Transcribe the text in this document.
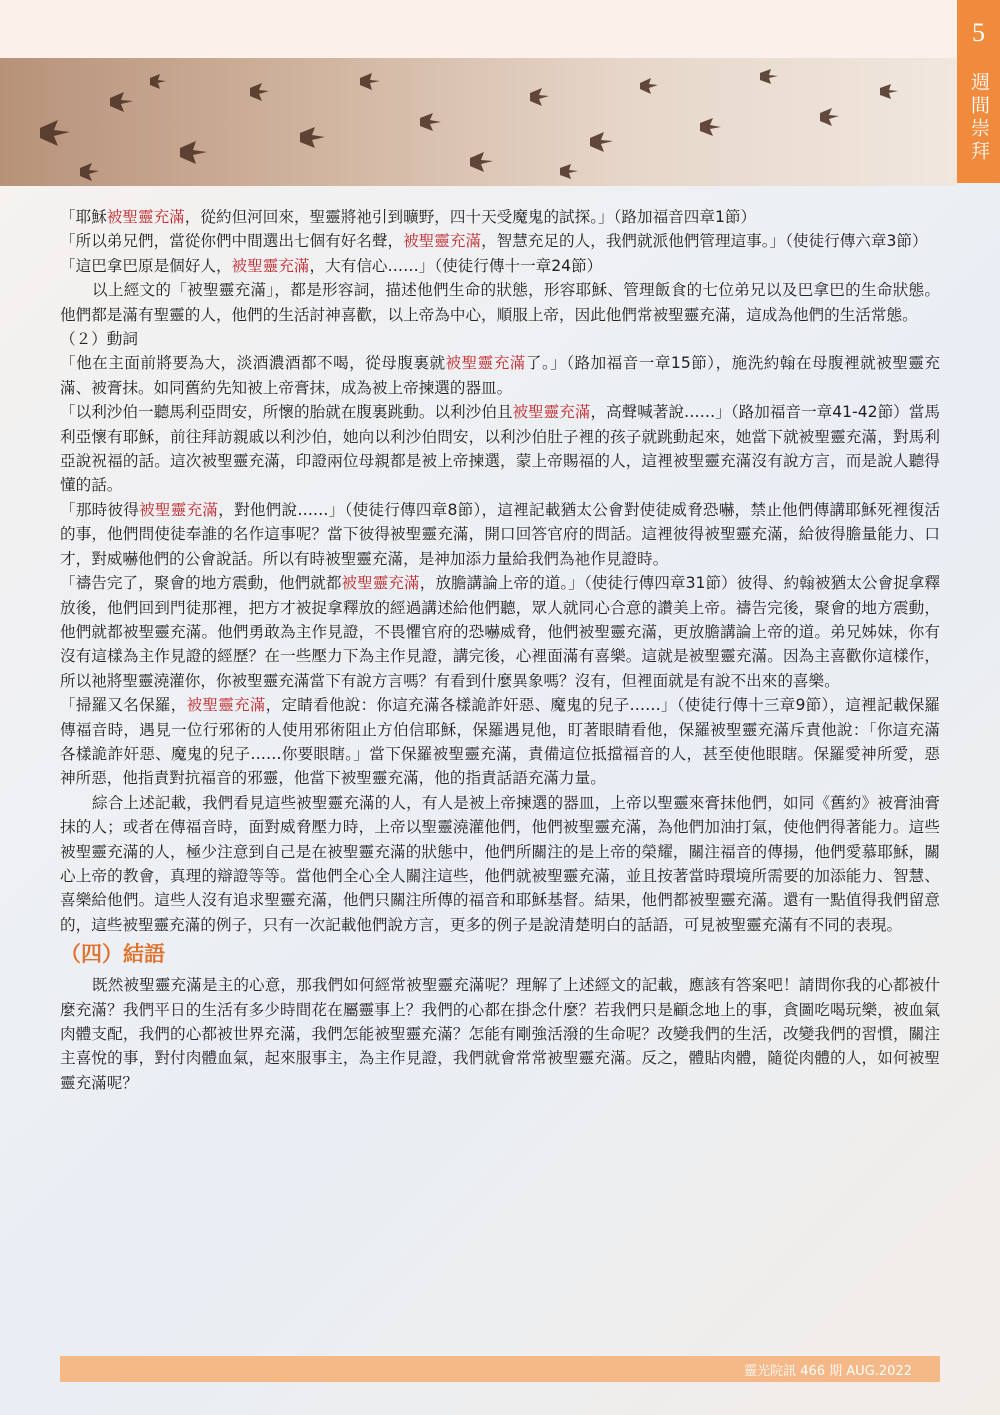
5
週間崇拜

「耶穌被聖靈充滿，從約但河回來，聖靈將祂引到曠野，四十天受魔鬼的試探。」（路加福音四章1節）

「所以弟兄們，當從你們中間選出七個有好名聲，被聖靈充滿，智慧充足的人，我們就派他們管理這事。」（使徒行傳六章3節）

「這巴拿巴原是個好人，被聖靈充滿，大有信心……」（使徒行傳十一章24節）

以上經文的「被聖靈充滿」，都是形容詞，描述他們生命的狀態，形容耶穌、管理飯食的七位弟兄以及巴拿巴的生命狀態。他們都是滿有聖靈的人，他們的生活討神喜歡，以上帝為中心，順服上帝，因此他們常被聖靈充滿，這成為他們的生活常態。

（２）動詞

「他在主面前將要為大，淡酒濃酒都不喝，從母腹裏就被聖靈充滿了。」（路加福音一章15節），施洗約翰在母腹裡就被聖靈充滿、被膏抹。如同舊約先知被上帝膏抹，成為被上帝揀選的器皿。

「以利沙伯一聽馬利亞問安，所懷的胎就在腹裏跳動。以利沙伯且被聖靈充滿，高聲喊著說……」（路加福音一章41-42節）當馬利亞懷有耶穌，前往拜訪親戚以利沙伯，她向以利沙伯問安，以利沙伯肚子裡的孩子就跳動起來，她當下就被聖靈充滿，對馬利亞說祝福的話。這次被聖靈充滿，印證兩位母親都是被上帝揀選，蒙上帝賜福的人，這裡被聖靈充滿沒有說方言，而是說人聽得懂的話。

「那時彼得被聖靈充滿，對他們說……」（使徒行傳四章8節），這裡記載猶太公會對使徒威脅恐嚇，禁止他們傳講耶穌死裡復活的事，他們問使徒奉誰的名作這事呢？當下彼得被聖靈充滿，開口回答官府的問話。這裡彼得被聖靈充滿，給彼得膽量能力、口才，對威嚇他們的公會說話。所以有時被聖靈充滿，是神加添力量給我們為祂作見證時。

「禱告完了，聚會的地方震動，他們就都被聖靈充滿，放膽講論上帝的道。」（使徒行傳四章31節）彼得、約翰被猶太公會捉拿釋放後，他們回到門徒那裡，把方才被捉拿釋放的經過講述給他們聽，眾人就同心合意的讚美上帝。禱告完後，聚會的地方震動，他們就都被聖靈充滿。他們勇敢為主作見證，不畏懼官府的恐嚇威脅，他們被聖靈充滿，更放膽講論上帝的道。弟兄姊妹，你有沒有這樣為主作見證的經歷？在一些壓力下為主作見證，講完後，心裡面滿有喜樂。這就是被聖靈充滿。因為主喜歡你這樣作，所以祂將聖靈澆灌你，你被聖靈充滿當下有說方言嗎？有看到什麼異象嗎？沒有，但裡面就是有說不出來的喜樂。

「掃羅又名保羅，被聖靈充滿，定睛看他說：你這充滿各樣詭詐奸惡、魔鬼的兒子……」（使徒行傳十三章9節），這裡記載保羅傳福音時，遇見一位行邪術的人使用邪術阻止方伯信耶穌，保羅遇見他，盯著眼睛看他，保羅被聖靈充滿斥責他說：「你這充滿各樣詭詐奸惡、魔鬼的兒子……你要眼瞎。」當下保羅被聖靈充滿，責備這位抵擋福音的人，甚至使他眼瞎。保羅愛神所愛，惡神所惡，他指責對抗福音的邪靈，他當下被聖靈充滿，他的指責話語充滿力量。

綜合上述記載，我們看見這些被聖靈充滿的人，有人是被上帝揀選的器皿，上帝以聖靈來膏抹他們，如同《舊約》被膏油膏抹的人；或者在傳福音時，面對威脅壓力時，上帝以聖靈澆灌他們，他們被聖靈充滿，為他們加油打氣，使他們得著能力。這些被聖靈充滿的人，極少注意到自己是在被聖靈充滿的狀態中，他們所關注的是上帝的榮耀，關注福音的傳揚，他們愛慕耶穌，關心上帝的教會，真理的辯證等等。當他們全心全人關注這些，他們就被聖靈充滿，並且按著當時環境所需要的加添能力、智慧、喜樂給他們。這些人沒有追求聖靈充滿，他們只關注所傳的福音和耶穌基督。結果，他們都被聖靈充滿。還有一點值得我們留意的，這些被聖靈充滿的例子，只有一次記載他們說方言，更多的例子是說清楚明白的話語，可見被聖靈充滿有不同的表現。

（四）結語

既然被聖靈充滿是主的心意，那我們如何經常被聖靈充滿呢？理解了上述經文的記載，應該有答案吧！請問你我的心都被什麼充滿？我們平日的生活有多少時間花在屬靈事上？我們的心都在掛念什麼？若我們只是顧念地上的事，貪圖吃喝玩樂，被血氣肉體支配，我們的心都被世界充滿，我們怎能被聖靈充滿？怎能有剛強活潑的生命呢？改變我們的生活，改變我們的習慣，關注主喜悅的事，對付肉體血氣，起來服事主，為主作見證，我們就會常常被聖靈充滿。反之，體貼肉體，隨從肉體的人，如何被聖靈充滿呢？

靈光院訊 466 期 AUG.2022
